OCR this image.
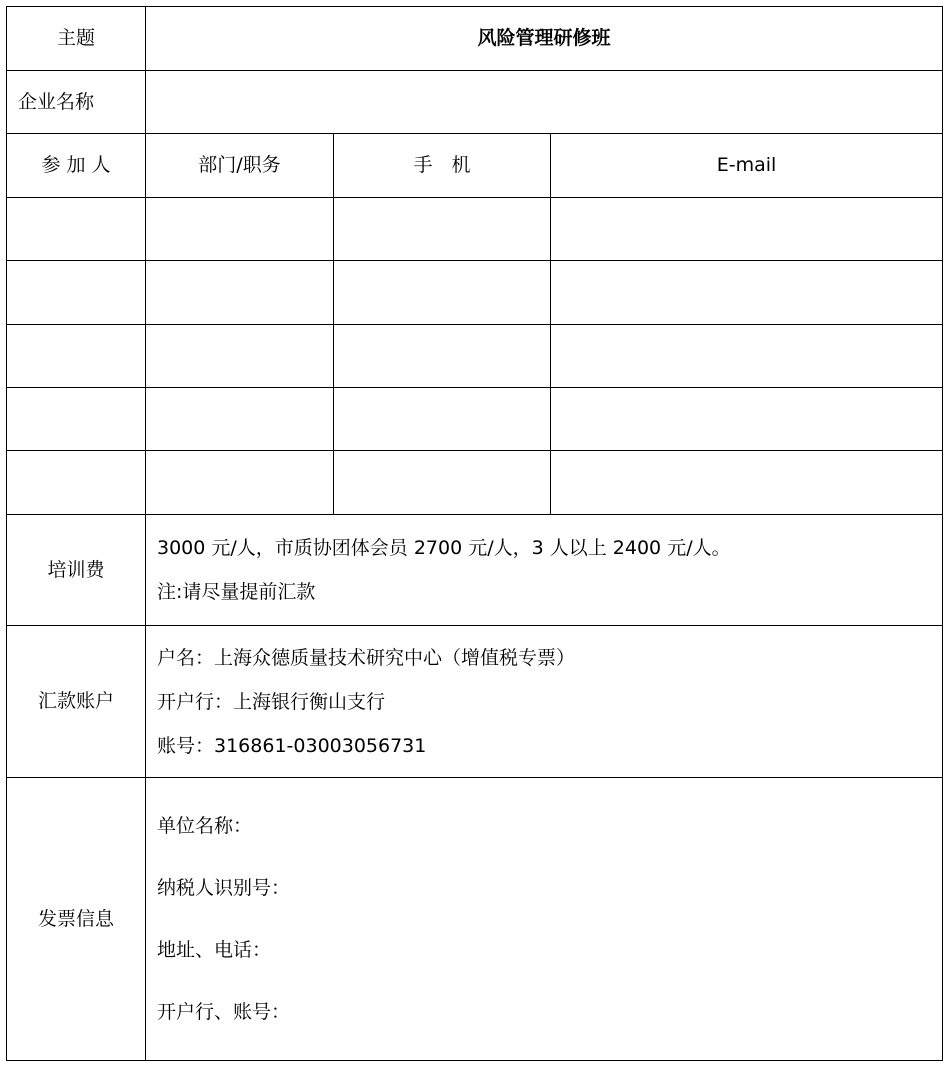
主题	风险管理研修班		
企业名称			
参 加 人	部门/职务	手　机	E-mail

培训费	3000 元/人，市质协团体会员 2700 元/人，3 人以上 2400 元/人。
注:请尽量提前汇款		

汇款账户	户名：上海众德质量技术研究中心（增值税专票）
开户行：上海银行衡山支行
账号：316861-03003056731		

发票信息	单位名称：
纳税人识别号：
地址、电话：
开户行、账号：		
